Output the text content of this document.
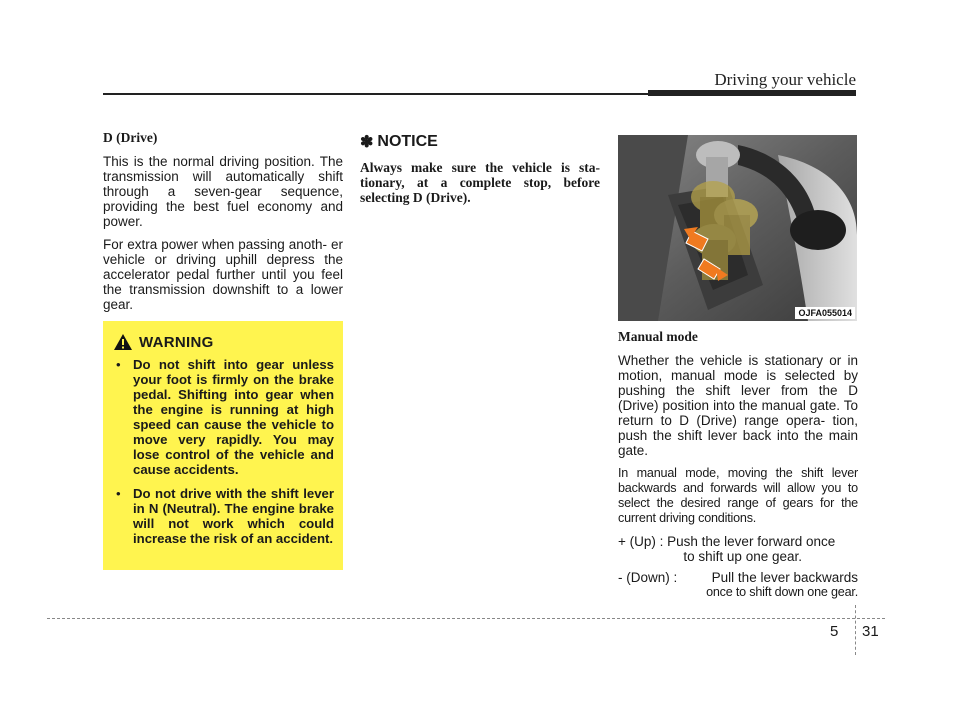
Driving your vehicle

D (Drive)

This is the normal driving position. The transmission will automatically shift through a seven-gear sequence, providing the best fuel economy and power.

For extra power when passing anoth- er vehicle or driving uphill depress the accelerator pedal further until you feel the transmission downshift to a lower gear.

WARNING
• Do not shift into gear unless your foot is firmly on the brake pedal. Shifting into gear when the engine is running at high speed can cause the vehicle to move very rapidly. You may lose control of the vehicle and cause accidents.
• Do not drive with the shift lever in N (Neutral). The engine brake will not work which could increase the risk of an accident.
✽ NOTICE

Always make sure the vehicle is sta- tionary, at a complete stop, before selecting D (Drive).

OJFA055014

Manual mode

Whether the vehicle is stationary or in motion, manual mode is selected by pushing the shift lever from the D (Drive) position into the manual gate. To return to D (Drive) range opera- tion, push the shift lever back into the main gate.

In manual mode, moving the shift lever backwards and forwards will allow you to select the desired range of gears for the current driving conditions.

+ (Up) : Push the lever forward once
to shift up one gear.
- (Down) :	Pull the lever backwards
once to shift down one gear.
5 31
